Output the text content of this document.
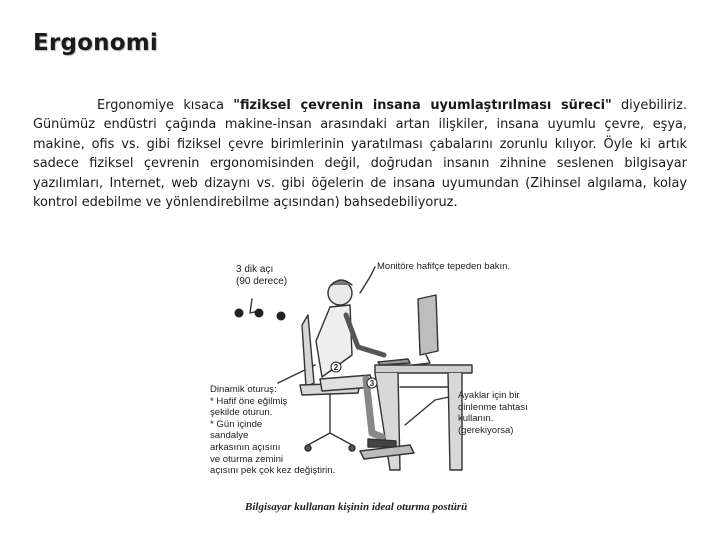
Ergonomi

Ergonomiye kısaca "fiziksel çevrenin insana uyumlaştırılması süreci" diyebiliriz. Günümüz endüstri çağında makine-insan arasındaki artan ilişkiler, insana uyumlu çevre, eşya, makine, ofis vs. gibi fiziksel çevre birimlerinin yaratılması çabalarını zorunlu kılıyor. Öyle ki artık sadece fiziksel çevrenin ergonomisinden değil, doğrudan insanın zihnine seslenen bilgisayar yazılımları, Internet, web dizaynı vs. gibi öğelerin de insana uyumundan (Zihinsel algılama, kolay kontrol edebilme ve yönlendirebilme açısından) bahsedebiliyoruz.

2
3
3 dik açı
(90 derece)
Monitöre hafifçe tepeden bakın.
Dinamik oturuş:
* Hafif öne eğilmiş
şekilde oturun.
* Gün içinde
sandalye
arkasının açısını
ve oturma zemini
açısını pek çok kez değiştirin.
Ayaklar için bir
dinlenme tahtası
kullanın.
(gerekiyorsa)
Bilgisayar kullanan kişinin ideal oturma postürü
